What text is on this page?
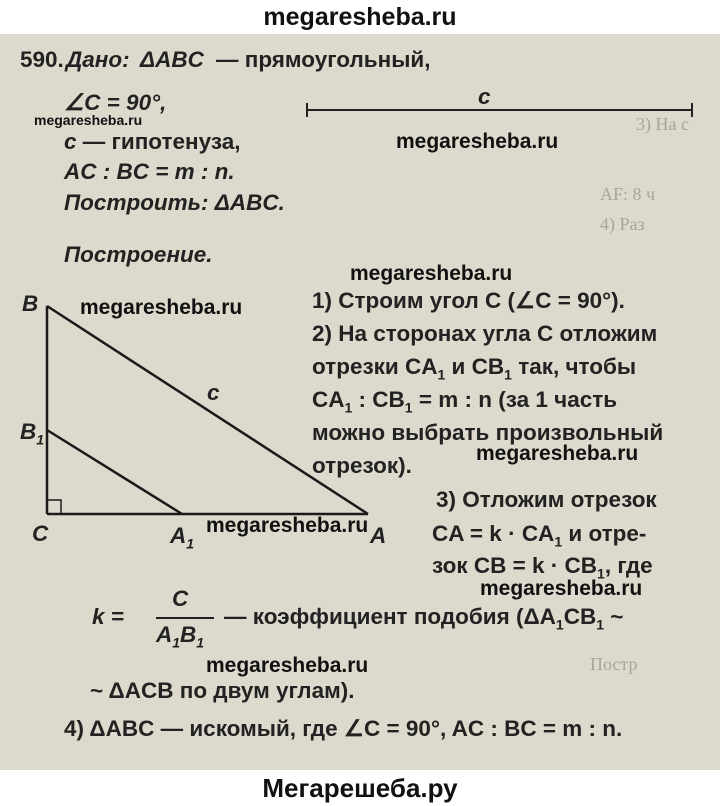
megaresheba.ru
3) На с
АF: 8 ч
4) Раз
Постр
590. Дано: ΔABC — прямоугольный,
∠C = 90°,
megaresheba.ru
c — гипотенуза,
AC : BC = m : n.
Построить: ΔABC.
c
megaresheba.ru
Построение.
megaresheba.ru
B megaresheba.ru
c
$B_1$
C	$A_1$	A
megaresheba.ru
1) Строим угол C (∠C = 90°).
2) На сторонах угла C отложим
отрезки $CA_1$ и $CB_1$ так, чтобы
$CA_1$ : $CB_1 = m$ : n (за 1 часть
можно выбрать произвольный
отрезок).	megaresheba.ru
3) Отложим отрезок
CA = $k \cdot CA_1$ и отре-
зок CB = $k \cdot CB_1$, где
megaresheba.ru
k =
C
$A_1B_1$
— коэффициент подобия ($\Delta A_1CB_1$ ~
megaresheba.ru
~ ΔACB по двум углам).
4) ΔABC — искомый, где ∠C = 90°, AC : BC = m : n.
Мегарешеба.ру
